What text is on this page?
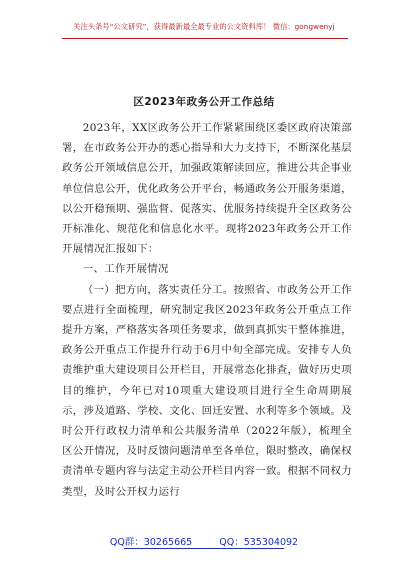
关注头条号“公文研究”，获得最新最全最专业的公文资料库！ 微信：gongwenyj
区2023年政务公开工作总结

2023年，XX区政务公开工作紧紧围绕区委区政府决策部署，在市政务公开办的悉心指导和大力支持下，不断深化基层政务公开领域信息公开，加强政策解读回应，推进公共企事业单位信息公开，优化政务公开平台，畅通政务公开服务渠道，以公开稳预期、强监督、促落实、优服务持续提升全区政务公开标准化、规范化和信息化水平。现将2023年政务公开工作开展情况汇报如下：

一、工作开展情况

（一）把方向，落实责任分工。按照省、市政务公开工作要点进行全面梳理，研究制定我区2023年政务公开重点工作提升方案，严格落实各项任务要求，做到真抓实干整体推进，政务公开重点工作提升行动于6月中旬全部完成。安排专人负责维护重大建设项目公开栏目，开展常态化排查，做好历史项目的维护，今年已对10项重大建设项目进行全生命周期展示，涉及道路、学校、文化、回迁安置、水利等多个领域。及时公开行政权力清单和公共服务清单（2022年版），梳理全区公开情况，及时反馈问题清单至各单位，限时整改，确保权责清单专题内容与法定主动公开栏目内容一致。根据不同权力类型，及时公开权力运行

QQ群：30265665	QQ：535304092
